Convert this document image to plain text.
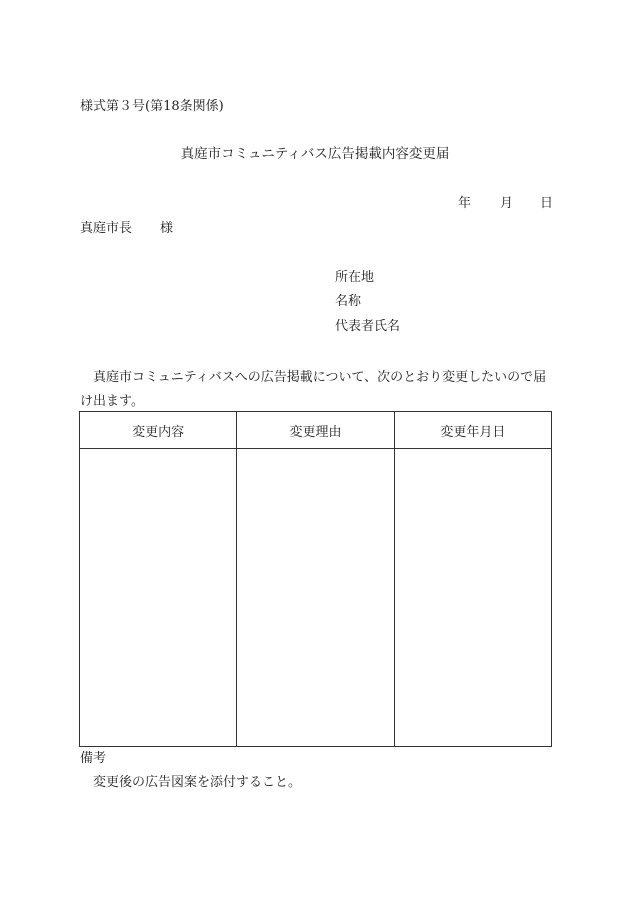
様式第３号(第18条関係)
真庭市コミュニティバス広告掲載内容変更届
年 月 日
真庭市長 様
所在地
名称
代表者氏名

真庭市コミュニティバスへの広告掲載について、次のとおり変更したいので届け出ます。

変更内容	変更理由	変更年月日

備考
変更後の広告図案を添付すること。
